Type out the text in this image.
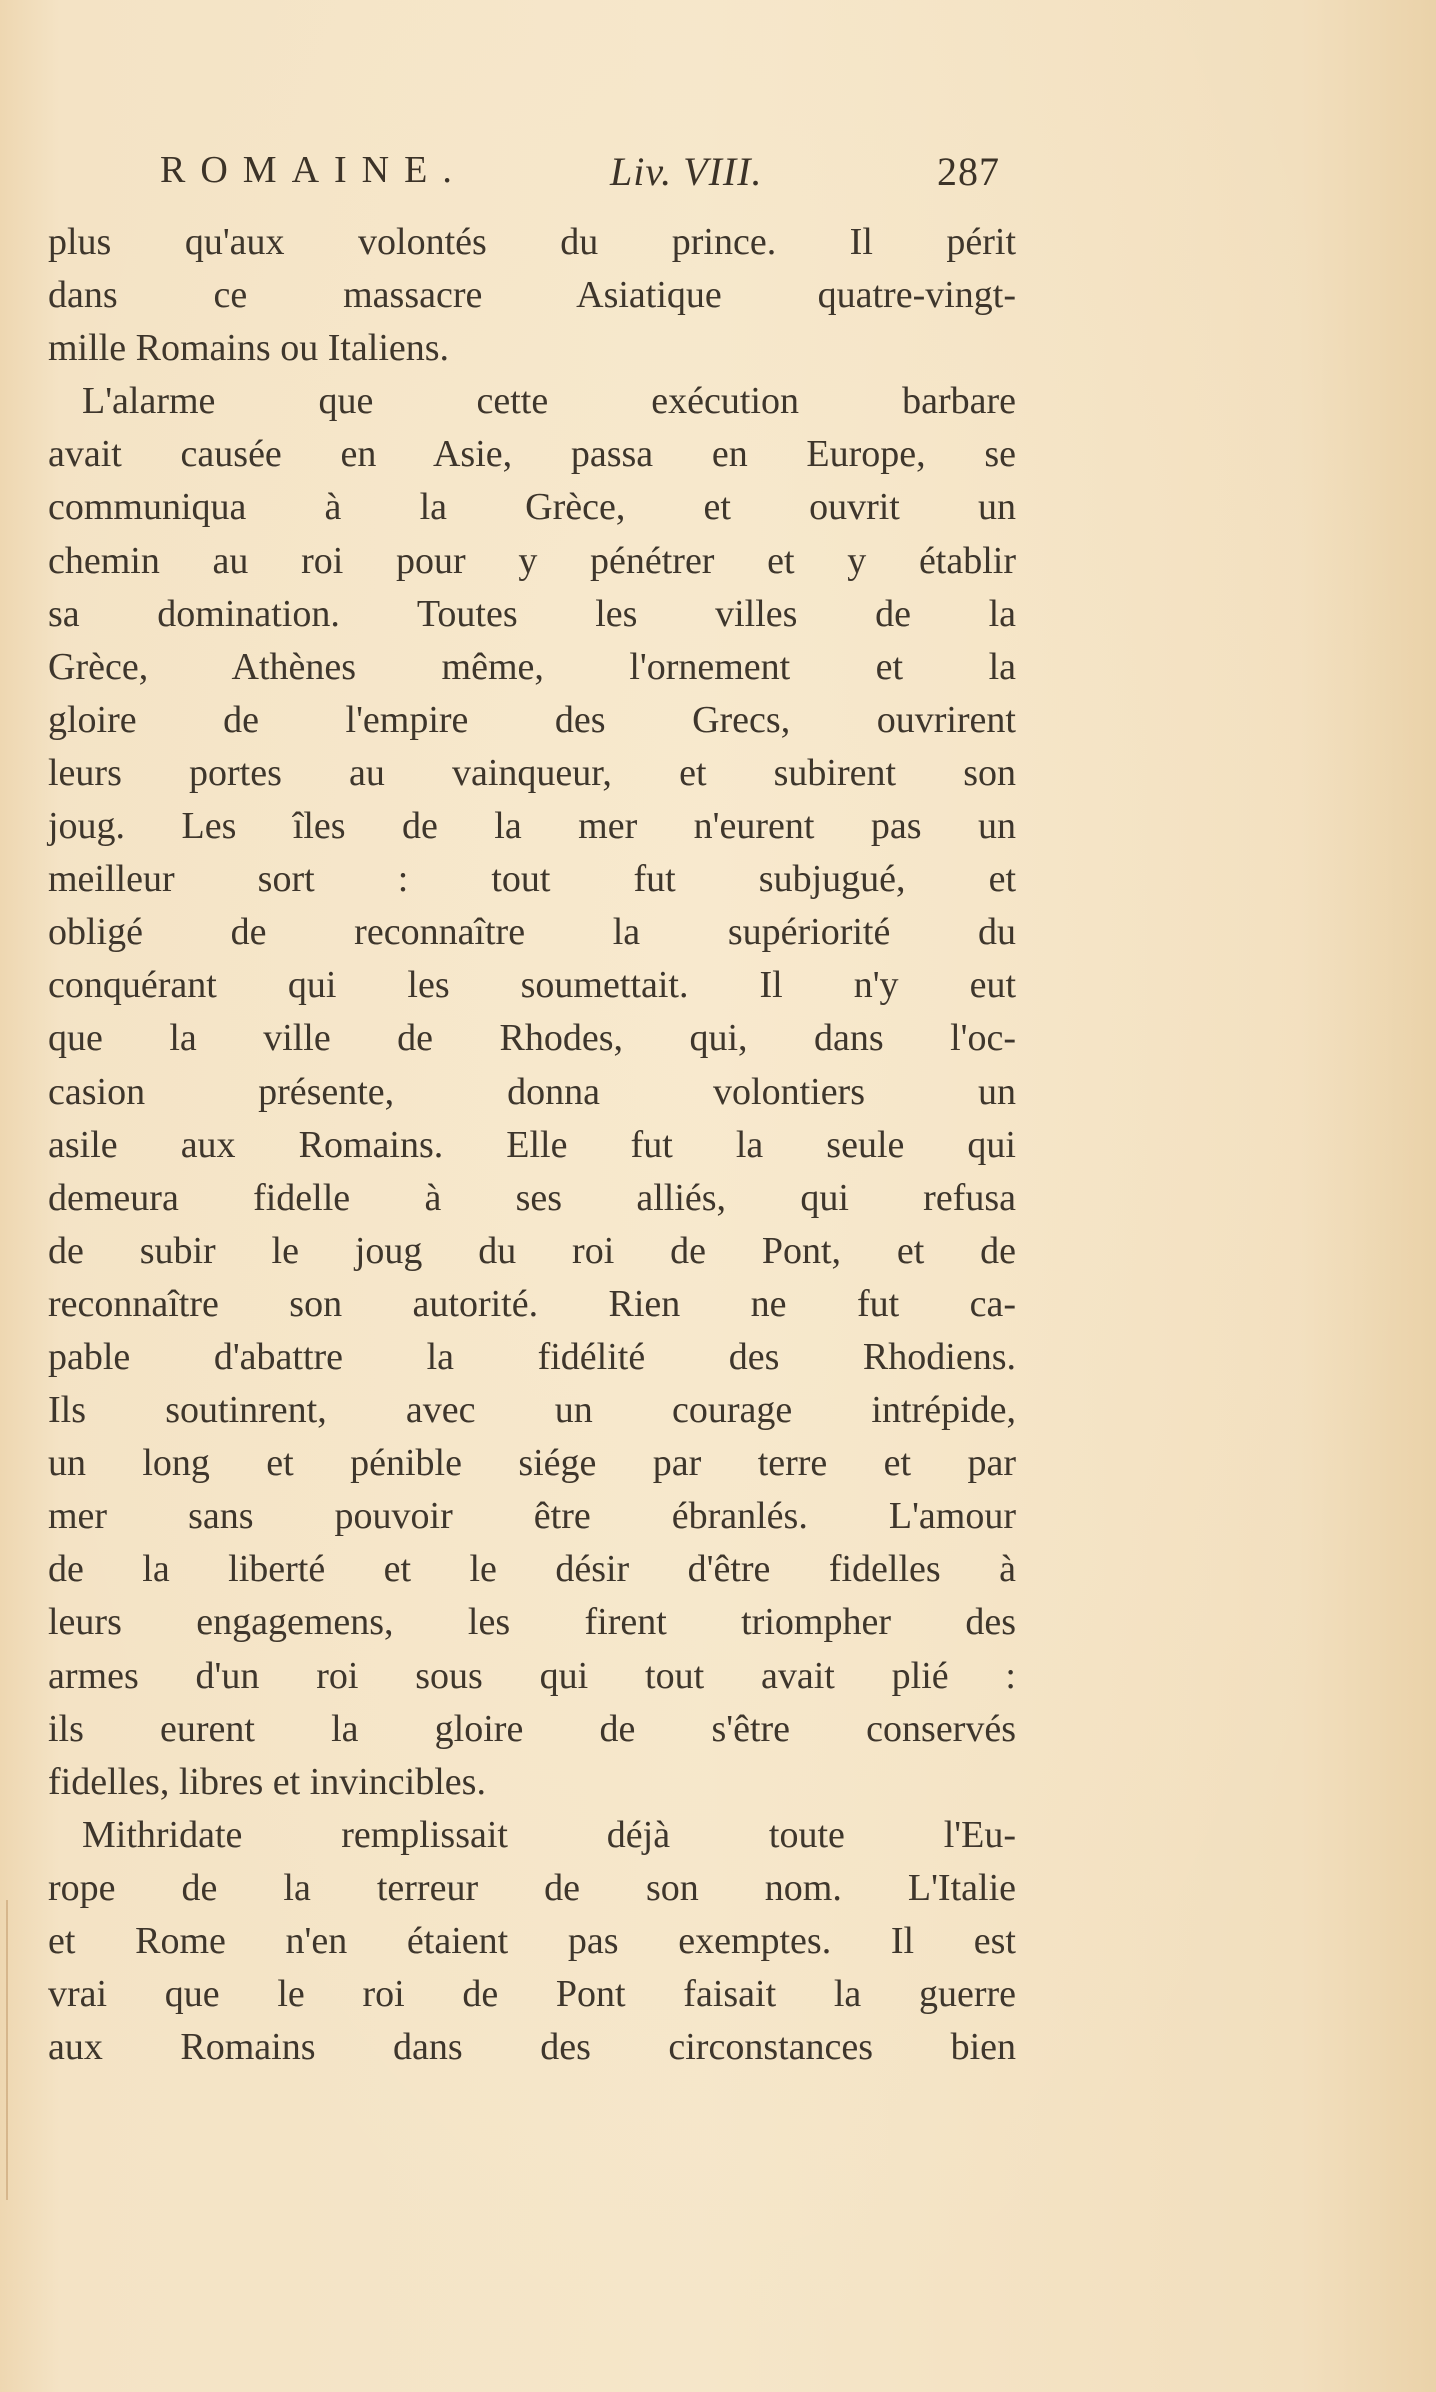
ROMAINE.	Liv. VIII.	287
plus qu'aux volontés du prince. Il périt
dans ce massacre Asiatique quatre-vingt-
mille Romains ou Italiens.
L'alarme que cette exécution barbare
avait causée en Asie, passa en Europe, se
communiqua à la Grèce, et ouvrit un
chemin au roi pour y pénétrer et y établir
sa domination. Toutes les villes de la
Grèce, Athènes même, l'ornement et la
gloire de l'empire des Grecs, ouvrirent
leurs portes au vainqueur, et subirent son
joug. Les îles de la mer n'eurent pas un
meilleur sort : tout fut subjugué, et
obligé de reconnaître la supériorité du
conquérant qui les soumettait. Il n'y eut
que la ville de Rhodes, qui, dans l'oc-
casion présente, donna volontiers un
asile aux Romains. Elle fut la seule qui
demeura fidelle à ses alliés, qui refusa
de subir le joug du roi de Pont, et de
reconnaître son autorité. Rien ne fut ca-
pable d'abattre la fidélité des Rhodiens.
Ils soutinrent, avec un courage intrépide,
un long et pénible siége par terre et par
mer sans pouvoir être ébranlés. L'amour
de la liberté et le désir d'être fidelles à
leurs engagemens, les firent triompher des
armes d'un roi sous qui tout avait plié :
ils eurent la gloire de s'être conservés
fidelles, libres et invincibles.
Mithridate remplissait déjà toute l'Eu-
rope de la terreur de son nom. L'Italie
et Rome n'en étaient pas exemptes. Il est
vrai que le roi de Pont faisait la guerre
aux Romains dans des circonstances bien
